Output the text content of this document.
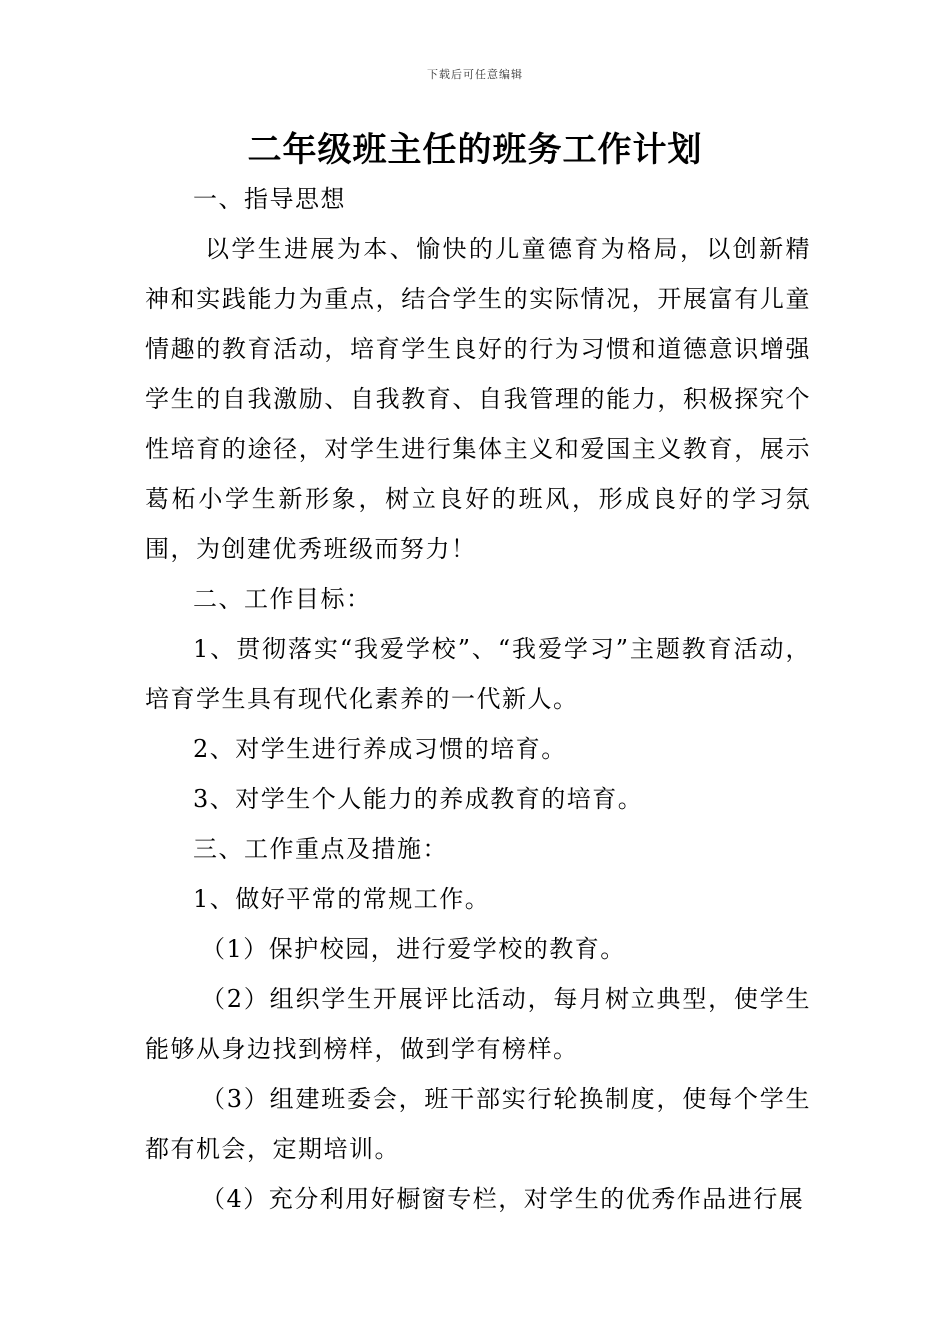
下载后可任意编辑
二年级班主任的班务工作计划

一、指导思想

以学生进展为本、愉快的儿童德育为格局，以创新精神和实践能力为重点，结合学生的实际情况，开展富有儿童情趣的教育活动，培育学生良好的行为习惯和道德意识增强学生的自我激励、自我教育、自我管理的能力，积极探究个性培育的途径，对学生进行集体主义和爱国主义教育，展示葛柘小学生新形象，树立良好的班风，形成良好的学习氛围，为创建优秀班级而努力！

二、工作目标：

1、贯彻落实“我爱学校”、“我爱学习”主题教育活动，培育学生具有现代化素养的一代新人。

2、对学生进行养成习惯的培育。

3、对学生个人能力的养成教育的培育。

三、工作重点及措施：

1、做好平常的常规工作。

（1）保护校园，进行爱学校的教育。

（2）组织学生开展评比活动，每月树立典型，使学生能够从身边找到榜样，做到学有榜样。

（3）组建班委会，班干部实行轮换制度，使每个学生都有机会，定期培训。

（4）充分利用好橱窗专栏，对学生的优秀作品进行展
